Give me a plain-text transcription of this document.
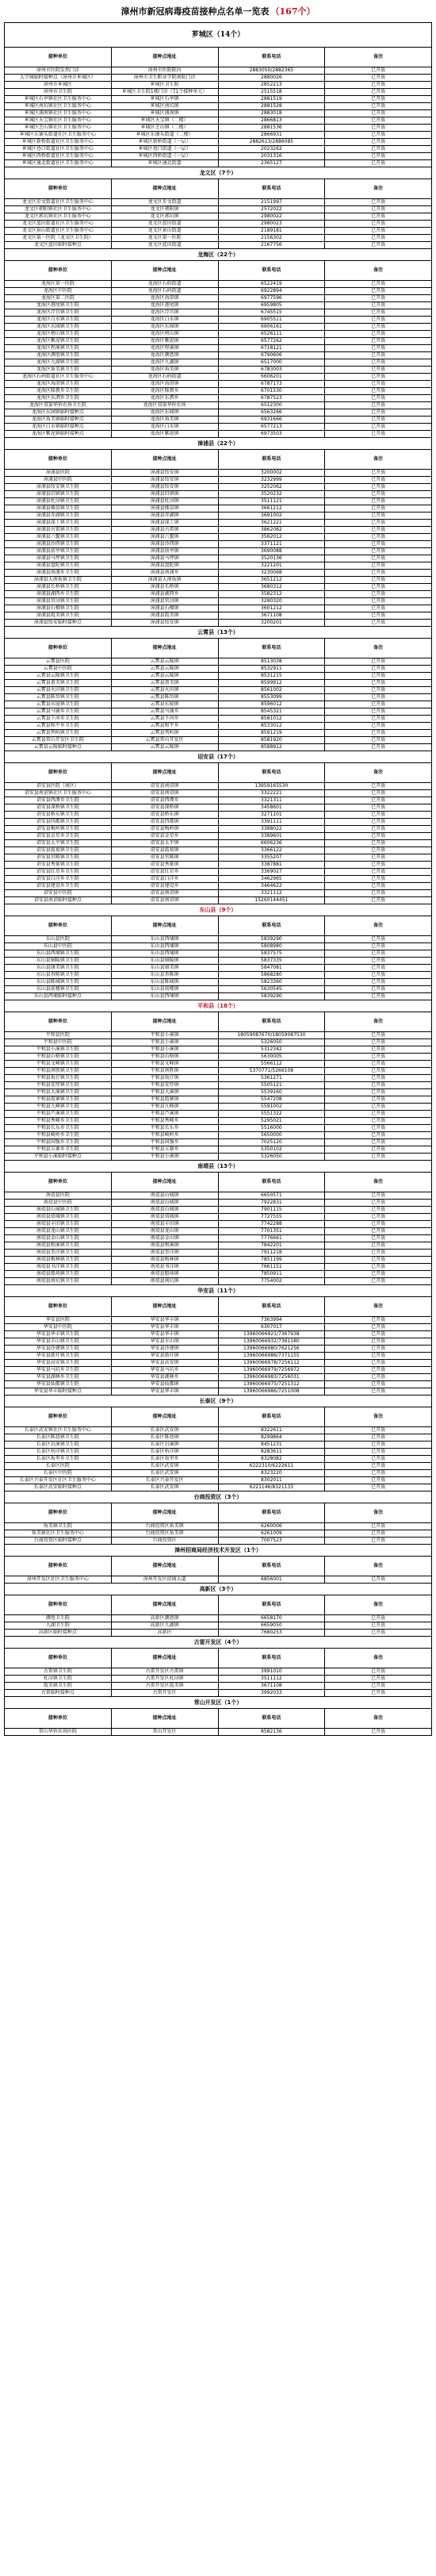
漳州市新冠病毒疫苗接种点名单一览表 （167个）
芗城区（14个）			
接种单位	接种点地址	联系电话	备注
漳州市医院发热门诊	漳州市医院院内	2883050/2882365	已开放
大学城临时接种点（漳州市芗城区）	漳州市卫生职业学院南院门诊	2880026	已开放
漳州市芗城区	芗城区卫生院	2852213	已开放
漳州市卫生院	芗城区卫生院1楼门诊（71个接种单元）	2515518	已开放
芗城区石亭镇社区卫生服务中心	芗城区石亭镇	2881519	已开放
芗城区南坑镇社区卫生服务中心	芗城区南坑镇	2881528	已开放
芗城区浦南镇社区卫生服务中心	芗城区浦南镇	2883018	已开放
芗城区天宝镇社区卫生服务中心	芗城区天宝镇（二楼）	2866813	已开放
芗城区芝山镇社区卫生服务中心	芗城区芝山镇（二楼）	2881536	已开放
芗城区东铺头街道社区卫生服务中心	芗城区东铺头街道（二楼）	2866931	已开放
芗城区新桥街道社区卫生服务中心	芗城区新桥街道（一层）	2882613/2886085	已开放
芗城区巷口街道社区卫生服务中心	芗城区巷口街道（一层）	2023262	已开放
芗城区西桥街道社区卫生服务中心	芗城区西桥街道（一层）	2031316	已开放
芗城区通北街道社区卫生服务中心	芗城区通北街道	2365127	已开放
龙文区（7个）			
接种单位	接种点地址	联系电话	备注
龙文区步文街道社区卫生服务中心	龙文区步文街道	2151997	已开放
龙文区朝阳镇社区卫生服务中心	龙文区朝阳镇	2572022	已开放
龙文区郭坑镇社区卫生服务中心	龙文区郭坑镇	2980022	已开放
龙文区蓝田街道社区卫生服务中心	龙文区蓝田街道	2980023	已开放
龙文区景山街道社区卫生服务中心	龙文区景山街道	2189181	已开放
龙文区第一医院（龙文区卫生院）	龙文区第一医院	2156302	已开放
龙文区蓝田临时接种点	龙文区蓝田街道	2167756	已开放
龙海区（22个）			
接种单位	接种点地址	联系电话	备注
龙海区第一医院	龙海区石码街道	6522419	已开放
龙海区中医院	龙海区石码街道	6922894	已开放
龙海区第二医院	龙海区海澄镇	6977596	已开放
龙海区港尾镇卫生院	龙海区港尾镇	6959805	已开放
龙海区浮宫镇卫生院	龙海区浮宫镇	6745515	已开放
龙海区白水镇卫生院	龙海区白水镇	6905511	已开放
龙海区东园镇卫生院	龙海区东园镇	6906161	已开放
龙海区榜山镇卫生院	龙海区榜山镇	6526111	已开放
龙海区紫泥镇卫生院	龙海区紫泥镇	6577262	已开放
龙海区程溪镇卫生院	龙海区程溪镇	6718121	已开放
龙海区颜厝镇卫生院	龙海区颜厝镇	6790606	已开放
龙海区九湖镇卫生院	龙海区九湖镇	6517000	已开放
龙海区角美镇卫生院	龙海区角美镇	6783003	已开放
龙海区石码街道社区卫生服务中心	龙海区石码街道	6606201	已开放
龙海区海澄镇卫生院	龙海区海澄镇	6787173	已开放
龙海区隆教乡卫生院	龙海区隆教乡	6701530	已开放
龙海区东泗乡卫生院	龙海区东泗乡	6787523	已开放
龙海区双第华侨农场卫生院	龙海区双第华侨农场	6512300	已开放
龙海区东园镇临时接种点	龙海区东园镇	6563266	已开放
龙海区角美镇临时接种点	龙海区角美镇	6931666	已开放
龙海区白水镇临时接种点	龙海区白水镇	6577213	已开放
龙海区紫泥镇临时接种点	龙海区紫泥镇	6973503	已开放
漳浦县（22个）			
接种单位	接种点地址	联系电话	备注
漳浦县医院	漳浦县绥安镇	3200002	已开放
漳浦县中医院	漳浦县绥安镇	3232999	已开放
漳浦县绥安镇卫生院	漳浦县绥安镇	3252062	已开放
漳浦县旧镇镇卫生院	漳浦县旧镇镇	3520232	已开放
漳浦县杜浔镇卫生院	漳浦县杜浔镇	3511121	已开放
漳浦县佛昙镇卫生院	漳浦县佛昙镇	3661212	已开放
漳浦县赤湖镇卫生院	漳浦县赤湖镇	3691002	已开放
漳浦县深土镇卫生院	漳浦县深土镇	3621221	已开放
漳浦县古雷镇卫生院	漳浦县古雷镇	3862082	已开放
漳浦县六鳌镇卫生院	漳浦县六鳌镇	3562012	已开放
漳浦县沙西镇卫生院	漳浦县沙西镇	3371121	已开放
漳浦县前亭镇卫生院	漳浦县前亭镇	3690088	已开放
漳浦县马坪镇卫生院	漳浦县马坪镇	3520136	已开放
漳浦县盘陀镇卫生院	漳浦县盘陀镇	3221201	已开放
漳浦县南浦乡卫生院	漳浦县南浦乡	3230068	已开放
漳浦县大南坂镇卫生院	漳浦县大南坂镇	3651212	已开放
漳浦县长桥镇卫生院	漳浦县长桥镇	3680312	已开放
漳浦县湖西乡卫生院	漳浦县湖西乡	3582312	已开放
漳浦县官浔镇卫生院	漳浦县官浔镇	3280320	已开放
漳浦县石榴镇卫生院	漳浦县石榴镇	3601212	已开放
漳浦县霞美镇卫生院	漳浦县霞美镇	3671108	已开放
漳浦县绥安临时接种点	漳浦县绥安镇	3200201	已开放
云霄县（13个）			
接种单位	接种点地址	联系电话	备注
云霄县医院	云霄县云陵镇	8513038	已开放
云霄县中医院	云霄县云陵镇	8532911	已开放
云霄县云陵镇卫生院	云霄县云陵镇	8531215	已开放
云霄县莆美镇卫生院	云霄县莆美镇	8599912	已开放
云霄县火田镇卫生院	云霄县火田镇	8561002	已开放
云霄县陈岱镇卫生院	云霄县陈岱镇	8553099	已开放
云霄县东厦镇卫生院	云霄县东厦镇	8596012	已开放
云霄县马铺乡卫生院	云霄县马铺乡	8545321	已开放
云霄县下河乡卫生院	云霄县下河乡	8581012	已开放
云霄县和平乡卫生院	云霄县和平乡	8533012	已开放
云霄县列屿镇卫生院	云霄县列屿镇	8591219	已开放
云霄县常山开发区卫生院	云霄县常山开发区	8581920	已开放
云霄县云陵临时接种点	云霄县云陵镇	8588912	已开放
诏安县（17个）			
接种单位	接种点地址	联系电话	备注
诏安县医院（南区）	诏安县南诏镇	13959165530	已开放
诏安县南诏镇社区卫生服务中心	诏安县南诏镇	3322221	已开放
诏安县西潭乡卫生院	诏安县西潭乡	3321311	已开放
诏安县深桥镇卫生院	诏安县深桥镇	3458601	已开放
诏安县桥东镇卫生院	诏安县桥东镇	3271101	已开放
诏安县四都镇卫生院	诏安县四都镇	3391111	已开放
诏安县梅岭镇卫生院	诏安县梅岭镇	3388022	已开放
诏安县金星乡卫生院	诏安县金星乡	3389601	已开放
诏安县太平镇卫生院	诏安县太平镇	6606236	已开放
诏安县霞葛镇卫生院	诏安县霞葛镇	3366122	已开放
诏安县官陂镇卫生院	诏安县官陂镇	3355207	已开放
诏安县秀篆镇卫生院	诏安县秀篆镇	3387881	已开放
诏安县红星乡卫生院	诏安县红星乡	3369027	已开放
诏安县白洋乡卫生院	诏安县白洋乡	3462965	已开放
诏安县建设乡卫生院	诏安县建设乡	3464622	已开放
诏安县中医院	诏安县南诏镇	3321112	已开放
诏安县南诏临时接种点	诏安县南诏镇	15260144451	已开放
东山县（9个）			
接种单位	接种点地址	联系电话	备注
东山县医院	东山县西埔镇	5839290	已开放
东山县中医院	东山县西埔镇	5808980	已开放
东山县西埔镇卫生院	东山县西埔镇	5837575	已开放
东山县铜陵镇卫生院	东山县铜陵镇	5837335	已开放
东山县康美镇卫生院	东山县康美镇	5847081	已开放
东山县杏陈镇卫生院	东山县杏陈镇	5868280	已开放
东山县陈城镇卫生院	东山县陈城镇	5823360	已开放
东山县前楼镇卫生院	东山县前楼镇	5630545	已开放
东山县西埔临时接种点	东山县西埔镇	5839290	已开放
平和县（18个）			
接种单位	接种点地址	联系电话	备注
平和县医院	平和县小溪镇	18059087670/18059087530	已开放
平和县中医院	平和县小溪镇	5326050	已开放
平和县小溪镇卫生院	平和县小溪镇	5312342	已开放
平和县山格镇卫生院	平和县山格镇	5630005	已开放
平和县文峰镇卫生院	平和县文峰镇	5566112	已开放
平和县南胜镇卫生院	平和县南胜镇	5370771/5266108	已开放
平和县坂仔镇卫生院	平和县坂仔镇	5361271	已开放
平和县安厚镇卫生院	平和县安厚镇	5505121	已开放
平和县大溪镇卫生院	平和县大溪镇	5539160	已开放
平和县霞寨镇卫生院	平和县霞寨镇	5547208	已开放
平和县九峰镇卫生院	平和县九峰镇	5591002	已开放
平和县芦溪镇卫生院	平和县芦溪镇	5551322	已开放
平和县秀峰乡卫生院	平和县秀峰乡	5295021	已开放
平和县长乐乡卫生院	平和县长乐乡	5516000	已开放
平和县崎岭乡卫生院	平和县崎岭乡	5650000	已开放
平和县国强乡卫生院	平和县国强乡	7025120	已开放
平和县五寨乡卫生院	平和县五寨乡	5350102	已开放
平和县小溪临时接种点	平和县小溪镇	5326050	已开放
南靖县（13个）			
接种单位	接种点地址	联系电话	备注
南靖县医院	南靖县山城镇	6650571	已开放
南靖县中医院	南靖县山城镇	7922831	已开放
南靖县山城镇卫生院	南靖县山城镇	7901115	已开放
南靖县靖城镇卫生院	南靖县靖城镇	7727555	已开放
南靖县丰田镇卫生院	南靖县丰田镇	7742288	已开放
南靖县龙山镇卫生院	南靖县龙山镇	7701351	已开放
南靖县金山镇卫生院	南靖县金山镇	7776661	已开放
南靖县和溪镇卫生院	南靖县和溪镇	7842201	已开放
南靖县奎洋镇卫生院	南靖县奎洋镇	7911218	已开放
南靖县梅林镇卫生院	南靖县梅林镇	7851199	已开放
南靖县书洋镇卫生院	南靖县书洋镇	7661151	已开放
南靖县船场镇卫生院	南靖县船场镇	7850911	已开放
南靖县南坑镇卫生院	南靖县南坑镇	7754002	已开放
华安县（11个）			
接种单位	接种点地址	联系电话	备注
华安县医院	华安县华丰镇	7363994	已开放
华安县中医院	华安县华丰镇	6307017	已开放
华安县华丰镇卫生院	华安县华丰镇	13960066921/7367938	已开放
华安县丰山镇卫生院	华安县丰山镇	13960066932/7361180	已开放
华安县沙建镇卫生院	华安县沙建镇	13960066980/7621256	已开放
华安县新圩镇卫生院	华安县新圩镇	13960066986/7371155	已开放
华安县高安镇卫生院	华安县高安镇	13960066978/7256112	已开放
华安县马坑乡卫生院	华安县马坑乡	13960066979/7256972	已开放
华安县湖林乡卫生院	华安县湖林乡	13960066983/7256031	已开放
华安县仙都镇卫生院	华安县仙都镇	13960066975/7251312	已开放
华安县华丰临时接种点	华安县华丰镇	13960066986/7251008	已开放
长泰区（9个）			
接种单位	接种点地址	联系电话	备注
长泰区武安镇社区卫生服务中心	长泰区武安镇	8322611	已开放
长泰区陈巷镇卫生院	长泰区陈巷镇	8299864	已开放
长泰区岩溪镇卫生院	长泰区岩溪镇	8451231	已开放
长泰区枋洋镇卫生院	长泰区枋洋镇	8283611	已开放
长泰区坂里乡卫生院	长泰区坂里乡	8328082	已开放
长泰区医院	长泰区武安镇	6222310/6222611	已开放
长泰区中医院	长泰区武安镇	8323220	已开放
长泰区兴泰开发区社区卫生服务中心	长泰区兴泰开发区	8302011	已开放
长泰区武安临时接种点	长泰区武安镇	6221146/8321133	已开放
台商投资区（3个）			
接种单位	接种点地址	联系电话	备注
角美镇卫生院	台商投资区角美镇	6260006	已开放
角美镇社区卫生服务中心	台商投资区角美镇	6261009	已开放
台商投资区临时接种点	台商投资区	7007523	已开放
漳州招商局经济技术开发区（1个）			
接种单位	接种点地址	联系电话	备注
漳州开发区社区卫生服务中心	漳州开发区招商大道	6856001	已开放
高新区（3个）			
接种单位	接种点地址	联系电话	备注
颜厝卫生院	高新区颜厝镇	6658170	已开放
九湖卫生院	高新区九湖镇	6659050	已开放
高新区临时接种点	高新区	7680253	已开放
古雷开发区（4个）			
接种单位	接种点地址	联系电话	备注
古雷镇卫生院	古雷开发区古雷镇	3991010	已开放
杜浔镇卫生院	古雷开发区杜浔镇	3511112	已开放
霞美镇卫生院	古雷开发区霞美镇	3671108	已开放
古雷临时接种点	古雷开发区	3992033	已开放
常山开发区（1个）			
接种单位	接种点地址	联系电话	备注
常山华侨农场医院	常山开发区	8582136	已开放
